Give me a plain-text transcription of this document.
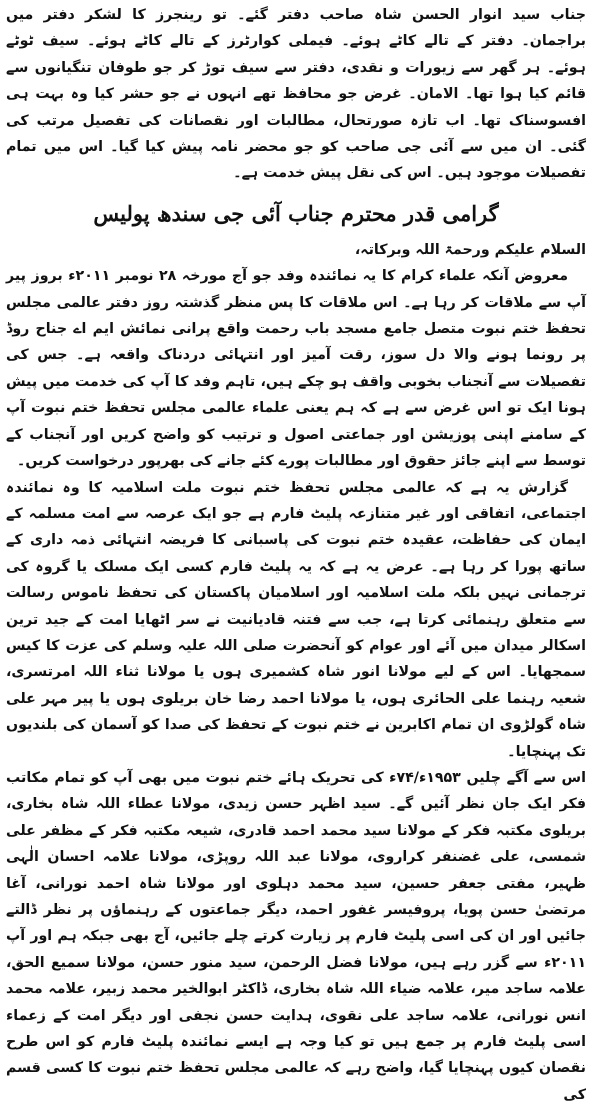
جناب سید انوار الحسن شاہ صاحب دفتر گئے۔ تو رینجرز کا لشکر دفتر میں براجمان۔ دفتر کے تالے کاٹے ہوئے۔ فیملی کوارٹرز کے تالے کاٹے ہوئے۔ سیف ٹوٹے ہوئے۔ ہر گھر سے زیورات و نقدی، دفتر سے سیف توڑ کر جو طوفان تنگیانوں سے قائم کیا ہوا تھا۔ الامان۔ غرض جو محافظ تھے انہوں نے جو حشر کیا وہ بہت ہی افسوسناک تھا۔ اب تازہ صورتحال، مطالبات اور نقصانات کی تفصیل مرتب کی گئی۔ ان میں سے آئی جی صاحب کو جو محضر نامہ پیش کیا گیا۔ اس میں تمام تفصیلات موجود ہیں۔ اس کی نقل پیش خدمت ہے۔

گرامی قدر محترم جناب آئی جی سندھ پولیس

السلام علیکم ورحمۃ اللہ وبرکاتہ،

معروض آنکہ علماء کرام کا یہ نمائندہ وفد جو آج مورخہ ۲۸ نومبر ۲۰۱۱ء بروز پیر آپ سے ملاقات کر رہا ہے۔ اس ملاقات کا پس منظر گذشتہ روز دفتر عالمی مجلس تحفظ ختم نبوت متصل جامع مسجد باب رحمت واقع پرانی نمائش ایم اے جناح روڈ پر رونما ہونے والا دل سوز، رقت آمیز اور انتہائی دردناک واقعہ ہے۔ جس کی تفصیلات سے آنجناب بخوبی واقف ہو چکے ہیں، تاہم وفد کا آپ کی خدمت میں پیش ہونا ایک تو اس غرض سے ہے کہ ہم یعنی علماء عالمی مجلس تحفظ ختم نبوت آپ کے سامنے اپنی پوزیشن اور جماعتی اصول و ترتیب کو واضح کریں اور آنجناب کے توسط سے اپنے جائز حقوق اور مطالبات پورے کئے جانے کی بھرپور درخواست کریں۔

گزارش یہ ہے کہ عالمی مجلس تحفظ ختم نبوت ملت اسلامیہ کا وہ نمائندہ اجتماعی، اتفاقی اور غیر متنازعہ پلیٹ فارم ہے جو ایک عرصہ سے امت مسلمہ کے ایمان کی حفاظت، عقیدہ ختم نبوت کی پاسبانی کا فریضہ انتہائی ذمہ داری کے ساتھ پورا کر رہا ہے۔ عرض یہ ہے کہ یہ پلیٹ فارم کسی ایک مسلک یا گروہ کی ترجمانی نہیں بلکہ ملت اسلامیہ اور اسلامیان پاکستان کی تحفظ ناموس رسالت سے متعلق رہنمائی کرتا ہے، جب سے فتنہ قادیانیت نے سر اٹھایا امت کے جید ترین اسکالر میدان میں آئے اور عوام کو آنحضرت صلی اللہ علیہ وسلم کی عزت کا کیس سمجھایا۔ اس کے لیے مولانا انور شاہ کشمیری ہوں یا مولانا ثناء اللہ امرتسری، شعیہ رہنما علی الحائری ہوں، یا مولانا احمد رضا خان بریلوی ہوں یا پیر مہر علی شاہ گولڑوی ان تمام اکابرین نے ختم نبوت کے تحفظ کی صدا کو آسمان کی بلندیوں تک پہنچایا۔

اس سے آگے چلیں ۱۹۵۳ء/۷۴ء کی تحریک ہائے ختم نبوت میں بھی آپ کو تمام مکاتب فکر ایک جان نظر آئیں گے۔ سید اظہر حسن زیدی، مولانا عطاء اللہ شاہ بخاری، بریلوی مکتبہ فکر کے مولانا سید محمد احمد قادری، شیعہ مکتبہ فکر کے مظفر علی شمسی، علی غضنفر کراروی، مولانا عبد اللہ روپڑی، مولانا علامہ احسان الٰہی ظہیر، مفتی جعفر حسین، سید محمد دہلوی اور مولانا شاہ احمد نورانی، آغا مرتضیٰ حسن پویا، پروفیسر غفور احمد، دیگر جماعتوں کے رہنماؤں پر نظر ڈالتے جائیں اور ان کی اسی پلیٹ فارم پر زیارت کرتے چلے جائیں، آج بھی جبکہ ہم اور آپ ۲۰۱۱ء سے گزر رہے ہیں، مولانا فضل الرحمن، سید منور حسن، مولانا سمیع الحق، علامہ ساجد میر، علامہ ضیاء اللہ شاہ بخاری، ڈاکٹر ابوالخیر محمد زبیر، علامہ محمد انس نورانی، علامہ ساجد علی نقوی، ہدایت حسن نجفی اور دیگر امت کے زعماء اسی پلیٹ فارم پر جمع ہیں تو کیا وجہ ہے ایسے نمائندہ پلیٹ فارم کو اس طرح نقصان کیوں پہنچایا گیا، واضح رہے کہ عالمی مجلس تحفظ ختم نبوت کا کسی قسم کی
